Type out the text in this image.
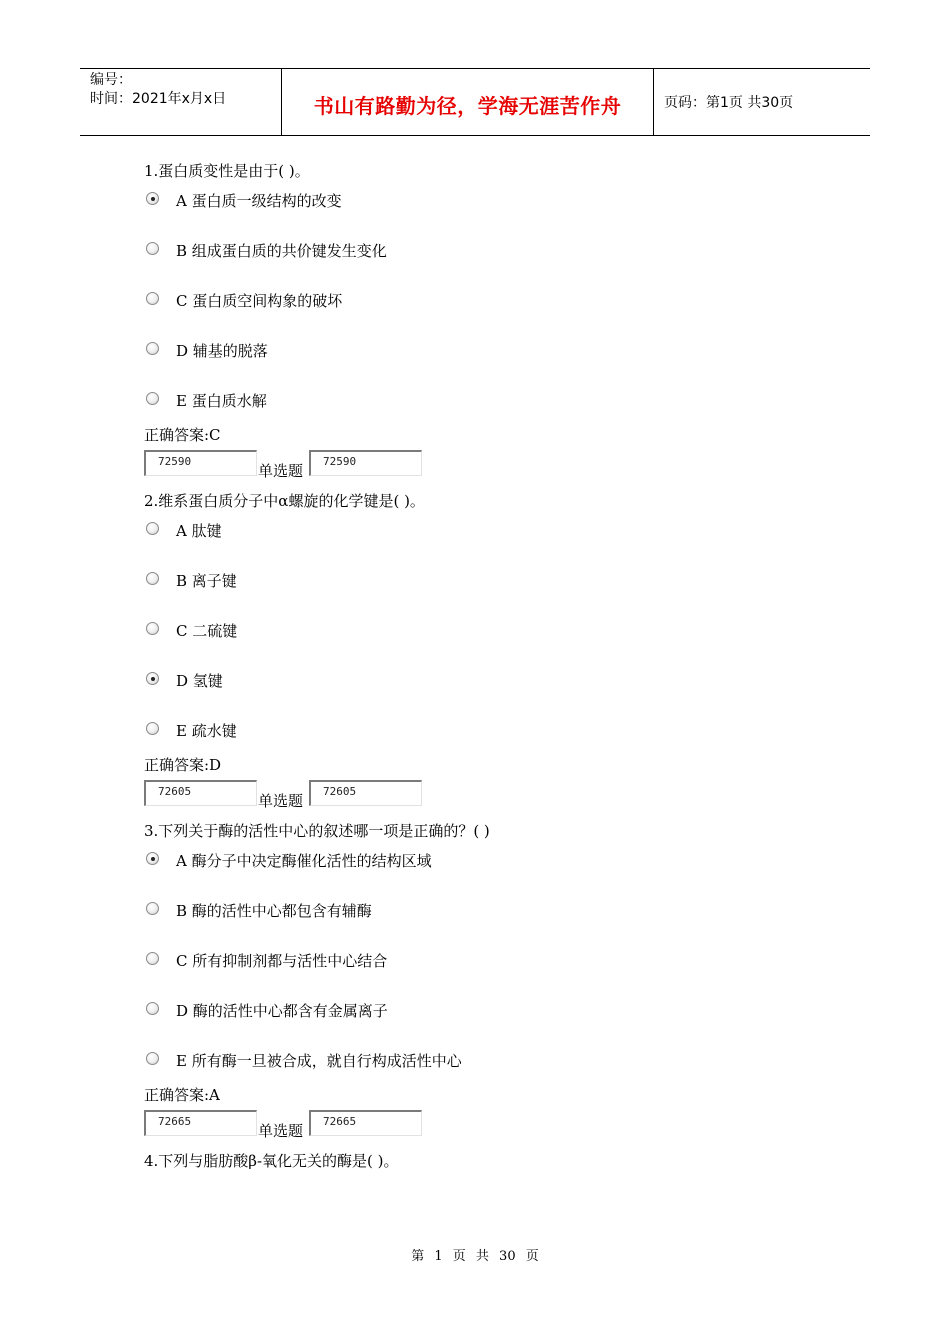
编号：
时间：2021年x月x日	书山有路勤为径，学海无涯苦作舟	页码：第1页 共30页

1.蛋白质变性是由于( )。

A 蛋白质一级结构的改变
B 组成蛋白质的共价键发生变化
C 蛋白质空间构象的破坏
D 辅基的脱落
E 蛋白质水解
正确答案:C
72590
单选题
72590

2.维系蛋白质分子中α螺旋的化学键是( )。

A 肽键
B 离子键
C 二硫键
D 氢键
E 疏水键
正确答案:D
72605
单选题
72605

3.下列关于酶的活性中心的叙述哪一项是正确的？( )

A 酶分子中决定酶催化活性的结构区域
B 酶的活性中心都包含有辅酶
C 所有抑制剂都与活性中心结合
D 酶的活性中心都含有金属离子
E 所有酶一旦被合成，就自行构成活性中心
正确答案:A
72665
单选题
72665

4.下列与脂肪酸β-氧化无关的酶是( )。

第 1 页 共 30 页
